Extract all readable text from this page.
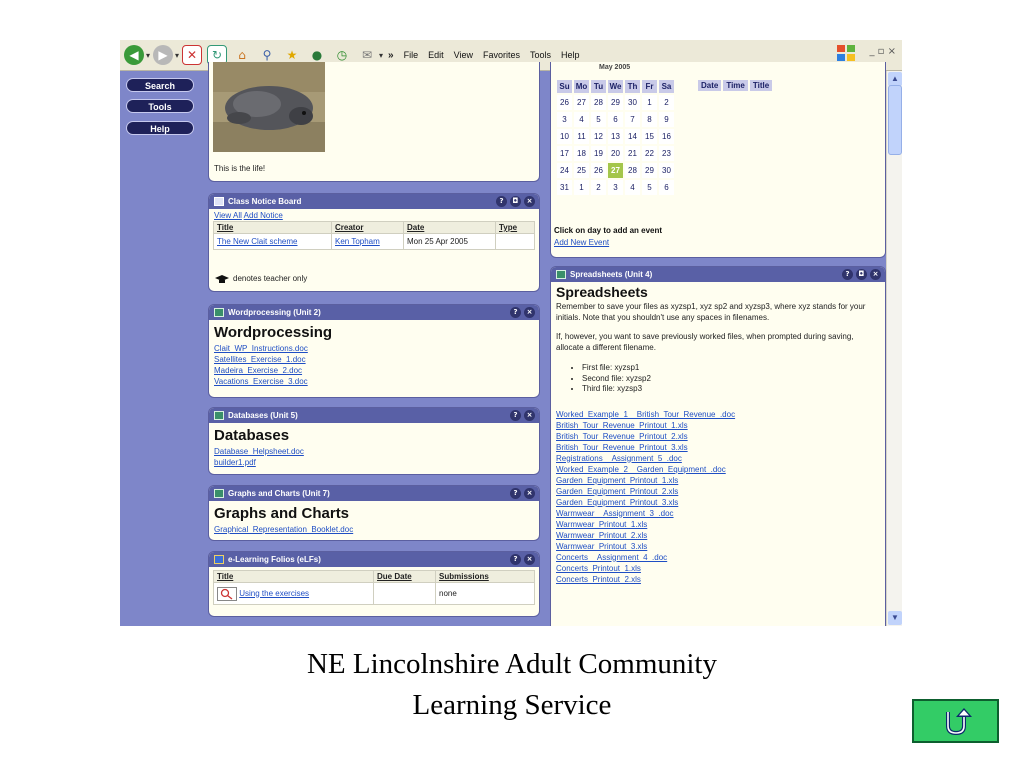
◀ ▾ ▶ ▾ ✕	↻	⌂	⚲	★	●	◷	✉ ▾ » File Edit View Favorites Tools Help	_ ▫ ×
Search
Tools
Help
This is the life!
Class Notice Board	?	◘	×
View All Add Notice
Title	Creator	Date	Type

The New Clait scheme	Ken Topham	Mon 25 Apr 2005	
denotes teacher only
Wordprocessing (Unit 2)	?	×
Wordprocessing
Clait_WP_Instructions.doc
Satellites_Exercise_1.doc
Madeira_Exercise_2.doc
Vacations_Exercise_3.doc
Databases (Unit 5)	?	×
Databases
Database_Helpsheet.doc
builder1.pdf
Graphs and Charts (Unit 7)	?	×
Graphs and Charts
Graphical_Representation_Booklet.doc
e-Learning Folios (eLFs)	?	×
Title	Due Date	Submissions
Using the exercises		none
May 2005
Su	Mo	Tu	We	Th	Fr	Sa
26	27	28	29	30	1	2
3	4	5	6	7	8	9
10	11	12	13	14	15	16
17	18	19	20	21	22	23
24	25	26	27	28	29	30
31	1	2	3	4	5	6
Date	Time	Title
Click on day to add an event
Add New Event
Spreadsheets (Unit 4)	?	◘	×
Spreadsheets
Remember to save your files as xyzsp1, xyz sp2 and xyzsp3, where xyz stands for your initials. Note that you shouldn't use any spaces in filenames.
If, however, you want to save previously worked files, when prompted during saving, allocate a different filename.
• First file: xyzsp1
• Second file: xyzsp2
• Third file: xyzsp3
Worked_Example_1__British_Tour_Revenue_.doc
British_Tour_Revenue_Printout_1.xls
British_Tour_Revenue_Printout_2.xls
British_Tour_Revenue_Printout_3.xls
Registrations__Assignment_5_.doc
Worked_Example_2__Garden_Equipment_.doc
Garden_Equipment_Printout_1.xls
Garden_Equipment_Printout_2.xls
Garden_Equipment_Printout_3.xls
Warmwear__Assignment_3_.doc
Warmwear_Printout_1.xls
Warmwear_Printout_2.xls
Warmwear_Printout_3.xls
Concerts__Assignment_4_.doc
Concerts_Printout_1.xls
Concerts_Printout_2.xls
▲
▼
NE Lincolnshire Adult Community
Learning Service
